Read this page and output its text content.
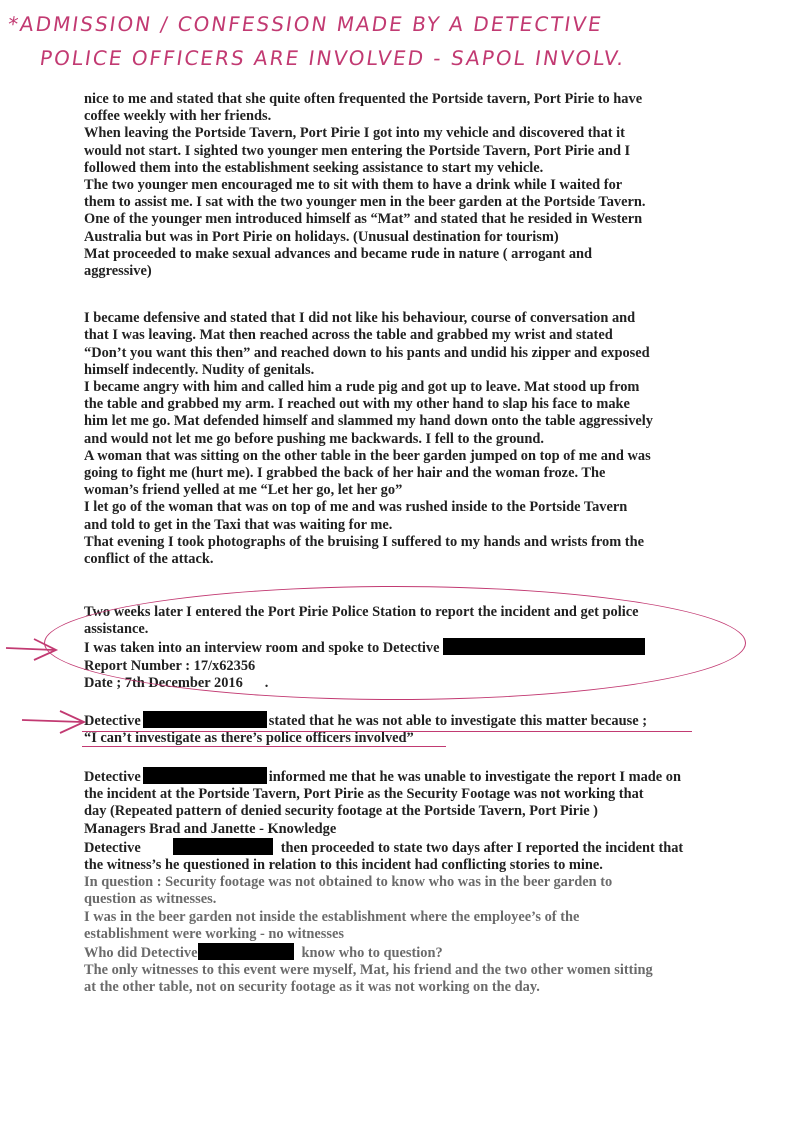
*ADMISSION / CONFESSION MADE BY A DETECTIVE
POLICE OFFICERS ARE INVOLVED - SAPOL INVOLV.

nice to me and stated that she quite often frequented the Portside tavern, Port Pirie to have

coffee weekly with her friends.

When leaving the Portside Tavern, Port Pirie I got into my vehicle and discovered that it

would not start. I sighted two younger men entering the Portside Tavern, Port Pirie and I

followed them into the establishment seeking assistance to start my vehicle.

The two younger men encouraged me to sit with them to have a drink while I waited for

them to assist me. I sat with the two younger men in the beer garden at the Portside Tavern.

One of the younger men introduced himself as “Mat” and stated that he resided in Western

Australia but was in Port Pirie on holidays. (Unusual destination for tourism)

Mat proceeded to make sexual advances and became rude in nature ( arrogant and

aggressive)

I became defensive and stated that I did not like his behaviour, course of conversation and

that I was leaving. Mat then reached across the table and grabbed my wrist and stated

“Don’t you want this then” and reached down to his pants and undid his zipper and exposed

himself indecently. Nudity of genitals.

I became angry with him and called him a rude pig and got up to leave. Mat stood up from

the table and grabbed my arm. I reached out with my other hand to slap his face to make

him let me go. Mat defended himself and slammed my hand down onto the table aggressively

and would not let me go before pushing me backwards. I fell to the ground.

A woman that was sitting on the other table in the beer garden jumped on top of me and was

going to fight me (hurt me). I grabbed the back of her hair and the woman froze. The

woman’s friend yelled at me “Let her go, let her go”

I let go of the woman that was on top of me and was rushed inside to the Portside Tavern

and told to get in the Taxi that was waiting for me.

That evening I took photographs of the bruising I suffered to my hands and wrists from the

conflict of the attack.

Two weeks later I entered the Port Pirie Police Station to report the incident and get police

assistance.

I was taken into an interview room and spoke to Detective

Report Number : 17/x62356

Date ; 7th December 2016 .

Detective	stated that he was not able to investigate this matter because ;

“I can’t investigate as there’s police officers involved”

Detective	informed me that he was unable to investigate the report I made on

the incident at the Portside Tavern, Port Pirie as the Security Footage was not working that

day (Repeated pattern of denied security footage at the Portside Tavern, Port Pirie )

Managers Brad and Janette - Knowledge

Detective	then proceeded to state two days after I reported the incident that

the witness’s he questioned in relation to this incident had conflicting stories to mine.

In question : Security footage was not obtained to know who was in the beer garden to

question as witnesses.

I was in the beer garden not inside the establishment where the employee’s of the

establishment were working - no witnesses

Who did Detective	know who to question?

The only witnesses to this event were myself, Mat, his friend and the two other women sitting

at the other table, not on security footage as it was not working on the day.
